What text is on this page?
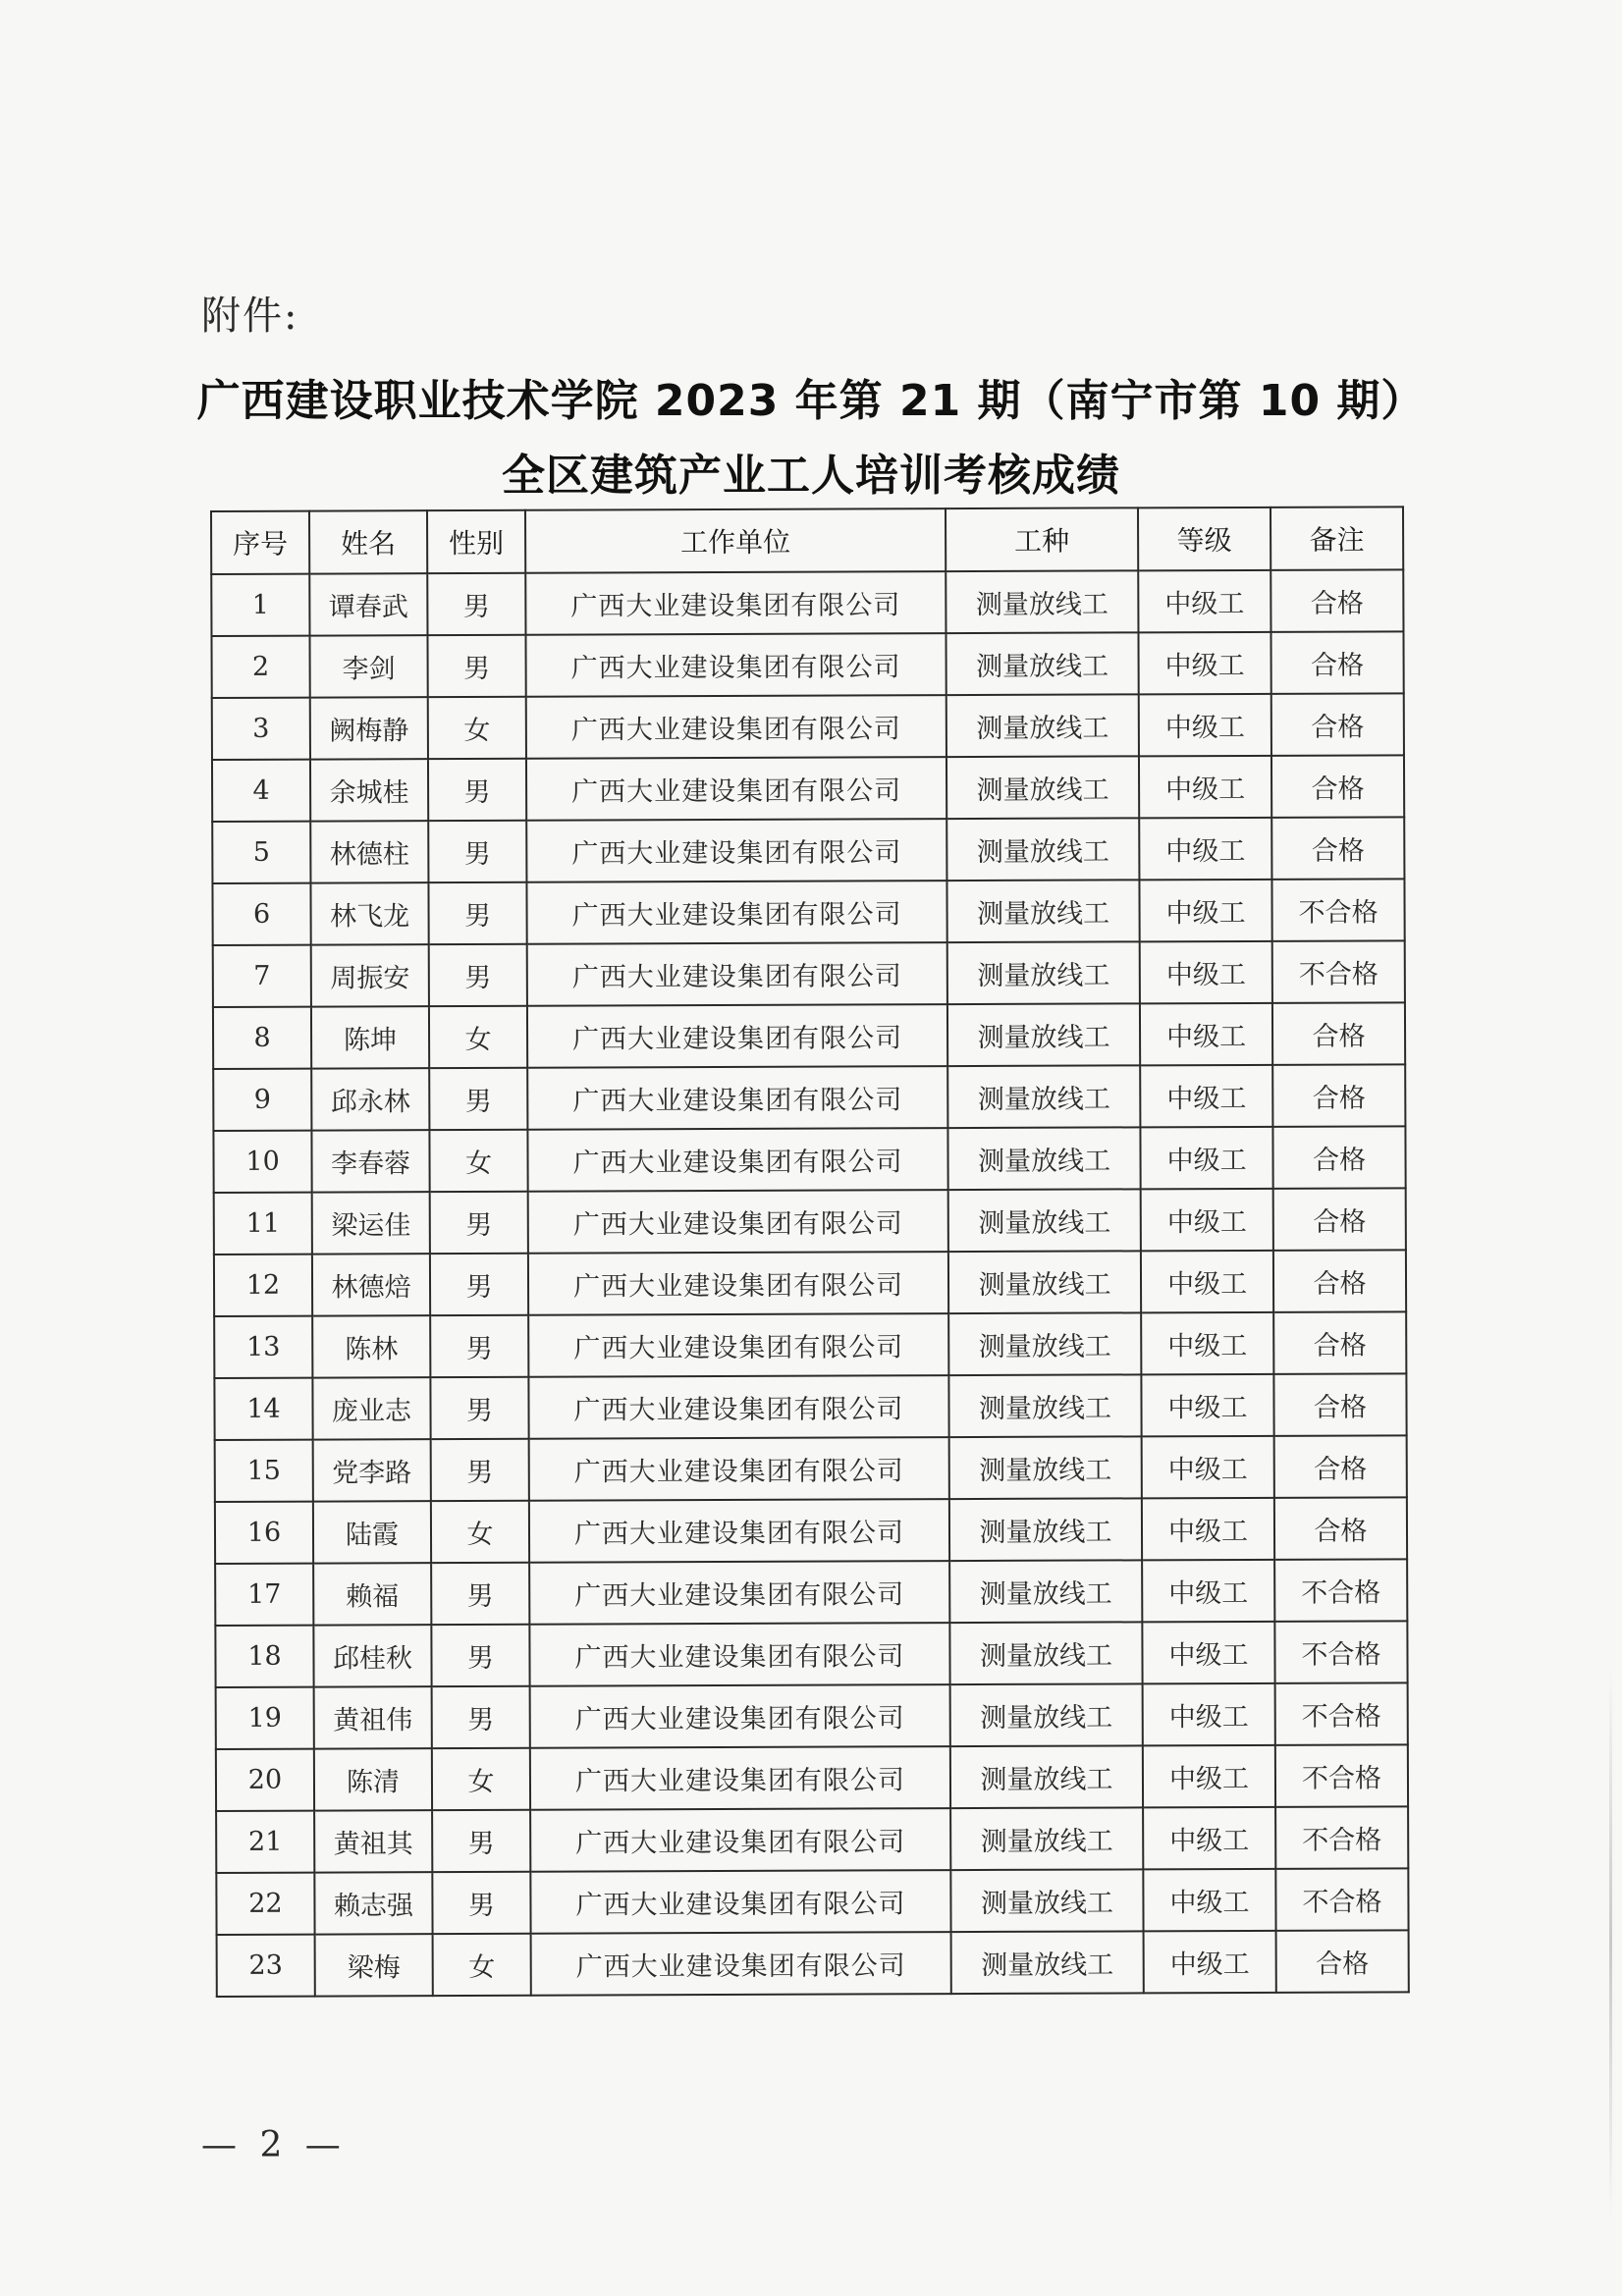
附件:
广西建设职业技术学院 2023 年第 21 期（南宁市第 10 期）
全区建筑产业工人培训考核成绩
序号	姓名	性别	工作单位	工种	等级	备注
1	谭春武	男	广西大业建设集团有限公司	测量放线工	中级工	合格
2	李剑	男	广西大业建设集团有限公司	测量放线工	中级工	合格
3	阙梅静	女	广西大业建设集团有限公司	测量放线工	中级工	合格
4	余城桂	男	广西大业建设集团有限公司	测量放线工	中级工	合格
5	林德柱	男	广西大业建设集团有限公司	测量放线工	中级工	合格
6	林飞龙	男	广西大业建设集团有限公司	测量放线工	中级工	不合格
7	周振安	男	广西大业建设集团有限公司	测量放线工	中级工	不合格
8	陈坤	女	广西大业建设集团有限公司	测量放线工	中级工	合格
9	邱永林	男	广西大业建设集团有限公司	测量放线工	中级工	合格
10	李春蓉	女	广西大业建设集团有限公司	测量放线工	中级工	合格
11	梁运佳	男	广西大业建设集团有限公司	测量放线工	中级工	合格
12	林德焙	男	广西大业建设集团有限公司	测量放线工	中级工	合格
13	陈林	男	广西大业建设集团有限公司	测量放线工	中级工	合格
14	庞业志	男	广西大业建设集团有限公司	测量放线工	中级工	合格
15	党李路	男	广西大业建设集团有限公司	测量放线工	中级工	合格
16	陆霞	女	广西大业建设集团有限公司	测量放线工	中级工	合格
17	赖福	男	广西大业建设集团有限公司	测量放线工	中级工	不合格
18	邱桂秋	男	广西大业建设集团有限公司	测量放线工	中级工	不合格
19	黄祖伟	男	广西大业建设集团有限公司	测量放线工	中级工	不合格
20	陈清	女	广西大业建设集团有限公司	测量放线工	中级工	不合格
21	黄祖其	男	广西大业建设集团有限公司	测量放线工	中级工	不合格
22	赖志强	男	广西大业建设集团有限公司	测量放线工	中级工	不合格
23	梁梅	女	广西大业建设集团有限公司	测量放线工	中级工	合格
— 2 —
